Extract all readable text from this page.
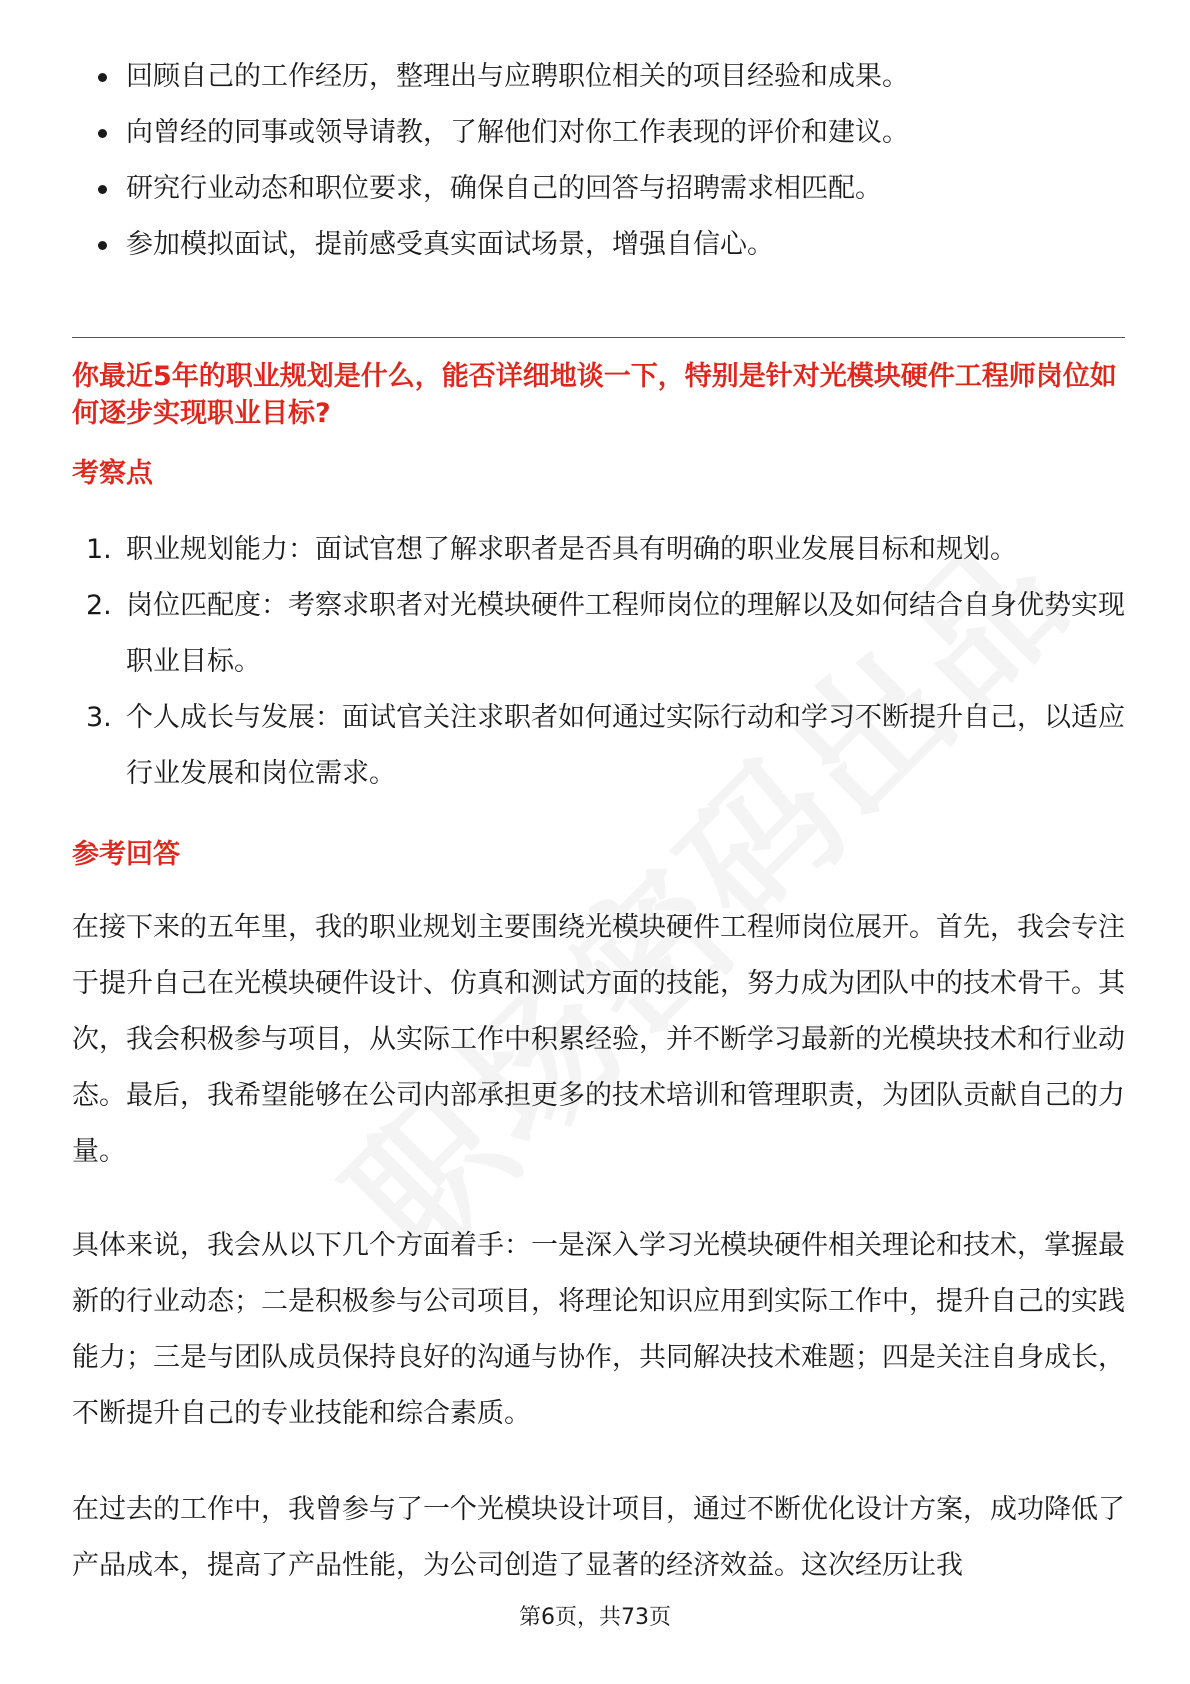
回顾自己的工作经历，整理出与应聘职位相关的项目经验和成果。
向曾经的同事或领导请教，了解他们对你工作表现的评价和建议。
研究行业动态和职位要求，确保自己的回答与招聘需求相匹配。
参加模拟面试，提前感受真实面试场景，增强自信心。
你最近5年的职业规划是什么，能否详细地谈一下，特别是针对光模块硬件工程师岗位如何逐步实现职业目标?
考察点
1. 职业规划能力：面试官想了解求职者是否具有明确的职业发展目标和规划。
2. 岗位匹配度：考察求职者对光模块硬件工程师岗位的理解以及如何结合自身优势实现职业目标。
3. 个人成长与发展：面试官关注求职者如何通过实际行动和学习不断提升自己，以适应行业发展和岗位需求。
参考回答

在接下来的五年里，我的职业规划主要围绕光模块硬件工程师岗位展开。首先，我会专注于提升自己在光模块硬件设计、仿真和测试方面的技能，努力成为团队中的技术骨干。其次，我会积极参与项目，从实际工作中积累经验，并不断学习最新的光模块技术和行业动态。最后，我希望能够在公司内部承担更多的技术培训和管理职责，为团队贡献自己的力量。

具体来说，我会从以下几个方面着手：一是深入学习光模块硬件相关理论和技术，掌握最新的行业动态；二是积极参与公司项目，将理论知识应用到实际工作中，提升自己的实践能力；三是与团队成员保持良好的沟通与协作，共同解决技术难题；四是关注自身成长，不断提升自己的专业技能和综合素质。

在过去的工作中，我曾参与了一个光模块设计项目，通过不断优化设计方案，成功降低了产品成本，提高了产品性能，为公司创造了显著的经济效益。这次经历让我

第6页，共73页
